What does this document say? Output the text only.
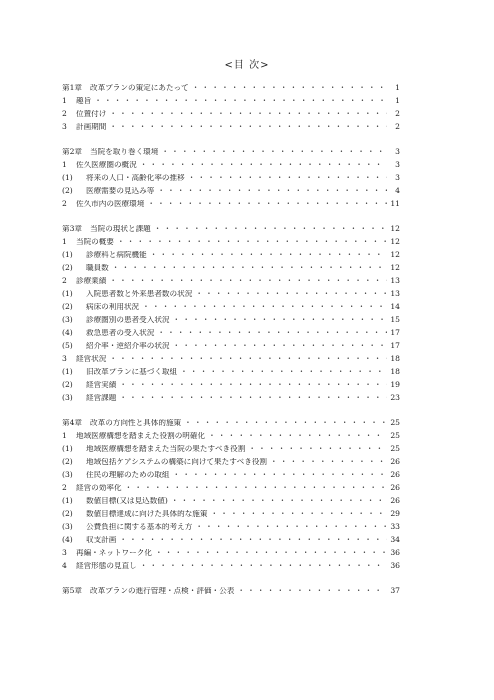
<目 次>
第1章 改革プランの策定にあたって ・・・・・・・・・・・・・・・・・・・・・・・・・・・・・・・・・・・・・・・・・・・・・・・・・・・・・・・・・・・・	1
1	趣旨 ・・・・・・・・・・・・・・・・・・・・・・・・・・・・・・・・・・・・・・・・・・・・・・・・・・・・・・・・・・・・	1
2	位置付け ・・・・・・・・・・・・・・・・・・・・・・・・・・・・・・・・・・・・・・・・・・・・・・・・・・・・・・・・・・・・	2
3	計画期間 ・・・・・・・・・・・・・・・・・・・・・・・・・・・・・・・・・・・・・・・・・・・・・・・・・・・・・・・・・・・・	2
第2章 当院を取り巻く環境 ・・・・・・・・・・・・・・・・・・・・・・・・・・・・・・・・・・・・・・・・・・・・・・・・・・・・・・・・・・・・	3
1	佐久医療圏の概況 ・・・・・・・・・・・・・・・・・・・・・・・・・・・・・・・・・・・・・・・・・・・・・・・・・・・・・・・・・・・・	3
(1)	将来の人口・高齢化率の推移 ・・・・・・・・・・・・・・・・・・・・・・・・・・・・・・・・・・・・・・・・・・・・・・・・・・・・・・・・・・・・	3
(2)	医療需要の見込み等 ・・・・・・・・・・・・・・・・・・・・・・・・・・・・・・・・・・・・・・・・・・・・・・・・・・・・・・・・・・・・	4
2	佐久市内の医療環境 ・・・・・・・・・・・・・・・・・・・・・・・・・・・・・・・・・・・・・・・・・・・・・・・・・・・・・・・・・・・・	11
第3章 当院の現状と課題 ・・・・・・・・・・・・・・・・・・・・・・・・・・・・・・・・・・・・・・・・・・・・・・・・・・・・・・・・・・・・	12
1	当院の概要 ・・・・・・・・・・・・・・・・・・・・・・・・・・・・・・・・・・・・・・・・・・・・・・・・・・・・・・・・・・・・	12
(1)	診療科と病院機能 ・・・・・・・・・・・・・・・・・・・・・・・・・・・・・・・・・・・・・・・・・・・・・・・・・・・・・・・・・・・・	12
(2)	職員数 ・・・・・・・・・・・・・・・・・・・・・・・・・・・・・・・・・・・・・・・・・・・・・・・・・・・・・・・・・・・・	12
2	診療業績 ・・・・・・・・・・・・・・・・・・・・・・・・・・・・・・・・・・・・・・・・・・・・・・・・・・・・・・・・・・・・	13
(1)	入院患者数と外来患者数の状況 ・・・・・・・・・・・・・・・・・・・・・・・・・・・・・・・・・・・・・・・・・・・・・・・・・・・・・・・・・・・・	13
(2)	病床の利用状況 ・・・・・・・・・・・・・・・・・・・・・・・・・・・・・・・・・・・・・・・・・・・・・・・・・・・・・・・・・・・・	14
(3)	診療圏別の患者受入状況 ・・・・・・・・・・・・・・・・・・・・・・・・・・・・・・・・・・・・・・・・・・・・・・・・・・・・・・・・・・・・	15
(4)	救急患者の受入状況 ・・・・・・・・・・・・・・・・・・・・・・・・・・・・・・・・・・・・・・・・・・・・・・・・・・・・・・・・・・・・	17
(5)	紹介率・逆紹介率の状況 ・・・・・・・・・・・・・・・・・・・・・・・・・・・・・・・・・・・・・・・・・・・・・・・・・・・・・・・・・・・・	17
3	経営状況 ・・・・・・・・・・・・・・・・・・・・・・・・・・・・・・・・・・・・・・・・・・・・・・・・・・・・・・・・・・・・	18
(1)	旧改革プランに基づく取組 ・・・・・・・・・・・・・・・・・・・・・・・・・・・・・・・・・・・・・・・・・・・・・・・・・・・・・・・・・・・・	18
(2)	経営実績 ・・・・・・・・・・・・・・・・・・・・・・・・・・・・・・・・・・・・・・・・・・・・・・・・・・・・・・・・・・・・	19
(3)	経営課題 ・・・・・・・・・・・・・・・・・・・・・・・・・・・・・・・・・・・・・・・・・・・・・・・・・・・・・・・・・・・・	23
第4章 改革の方向性と具体的施策 ・・・・・・・・・・・・・・・・・・・・・・・・・・・・・・・・・・・・・・・・・・・・・・・・・・・・・・・・・・・・	25
1	地域医療構想を踏まえた役割の明確化 ・・・・・・・・・・・・・・・・・・・・・・・・・・・・・・・・・・・・・・・・・・・・・・・・・・・・・・・・・・・・	25
(1)	地域医療構想を踏まえた当院の果たすべき役割 ・・・・・・・・・・・・・・・・・・・・・・・・・・・・・・・・・・・・・・・・・・・・・・・・・・・・・・・・・・・・	25
(2)	地域包括ケアシステムの構築に向けて果たすべき役割 ・・・・・・・・・・・・・・・・・・・・・・・・・・・・・・・・・・・・・・・・・・・・・・・・・・・・・・・・・・・・	26
(3)	住民の理解のための取組 ・・・・・・・・・・・・・・・・・・・・・・・・・・・・・・・・・・・・・・・・・・・・・・・・・・・・・・・・・・・・	26
2	経営の効率化 ・・・・・・・・・・・・・・・・・・・・・・・・・・・・・・・・・・・・・・・・・・・・・・・・・・・・・・・・・・・・	26
(1)	数値目標(又は見込数値) ・・・・・・・・・・・・・・・・・・・・・・・・・・・・・・・・・・・・・・・・・・・・・・・・・・・・・・・・・・・・	26
(2)	数値目標達成に向けた具体的な施策 ・・・・・・・・・・・・・・・・・・・・・・・・・・・・・・・・・・・・・・・・・・・・・・・・・・・・・・・・・・・・	29
(3)	公費負担に関する基本的考え方 ・・・・・・・・・・・・・・・・・・・・・・・・・・・・・・・・・・・・・・・・・・・・・・・・・・・・・・・・・・・・	33
(4)	収支計画 ・・・・・・・・・・・・・・・・・・・・・・・・・・・・・・・・・・・・・・・・・・・・・・・・・・・・・・・・・・・・	34
3	再編・ネットワーク化 ・・・・・・・・・・・・・・・・・・・・・・・・・・・・・・・・・・・・・・・・・・・・・・・・・・・・・・・・・・・・	36
4	経営形態の見直し ・・・・・・・・・・・・・・・・・・・・・・・・・・・・・・・・・・・・・・・・・・・・・・・・・・・・・・・・・・・・	36
第5章 改革プランの進行管理・点検・評価・公表 ・・・・・・・・・・・・・・・・・・・・・・・・・・・・・・・・・・・・・・・・・・・・・・・・・・・・・・・・・・・・	37
